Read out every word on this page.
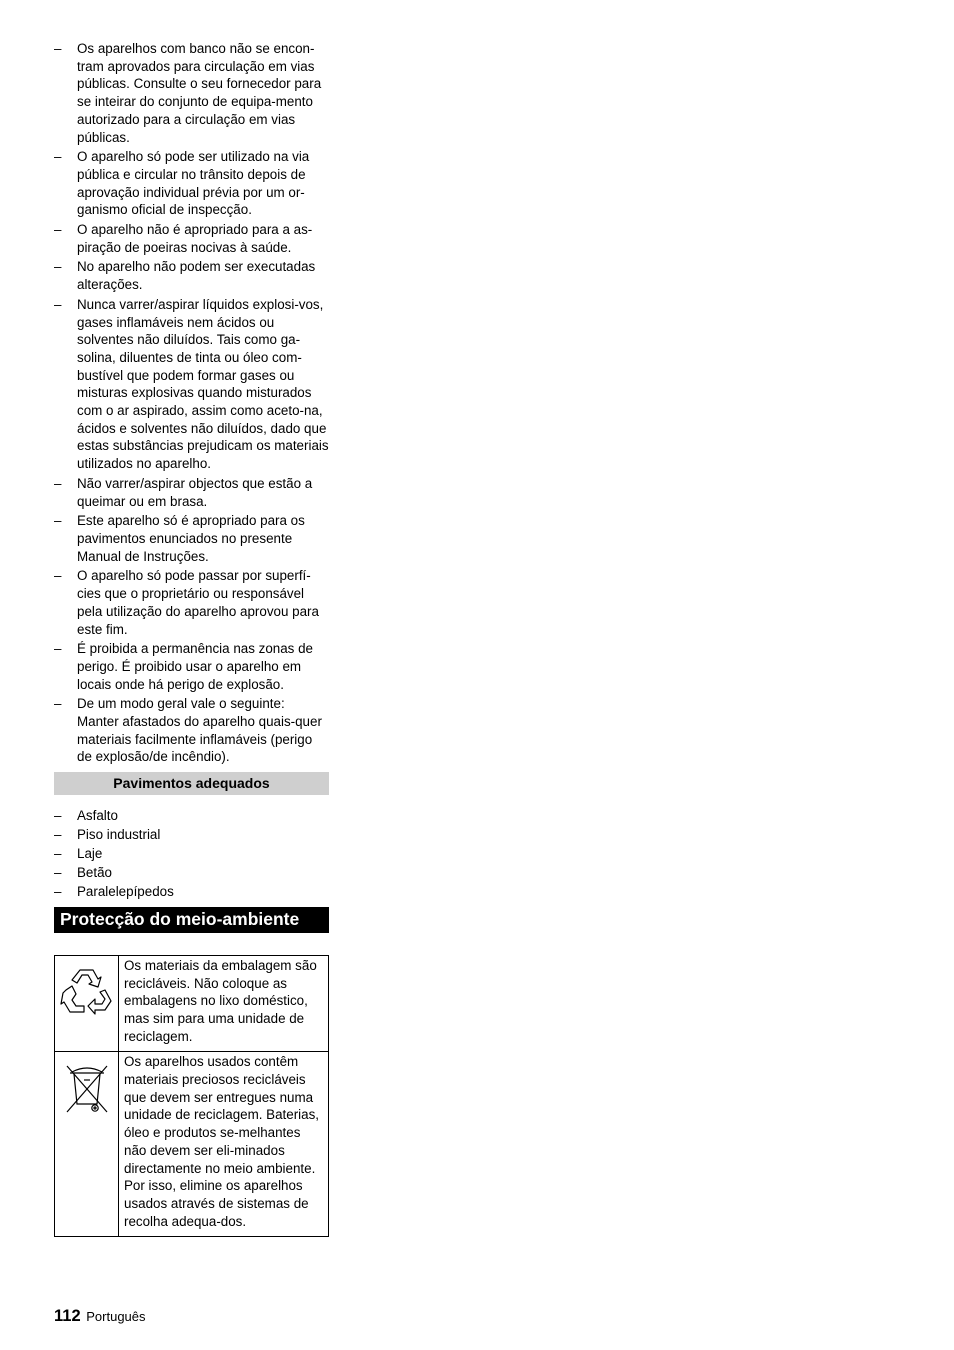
–	Os aparelhos com banco não se encon-tram aprovados para circulação em vias públicas. Consulte o seu fornecedor para se inteirar do conjunto de equipa-mento autorizado para a circulação em vias públicas.
–	O aparelho só pode ser utilizado na via pública e circular no trânsito depois de aprovação individual prévia por um or-ganismo oficial de inspecção.
–	O aparelho não é apropriado para a as-piração de poeiras nocivas à saúde.
–	No aparelho não podem ser executadas alterações.
–	Nunca varrer/aspirar líquidos explosi-vos, gases inflamáveis nem ácidos ou solventes não diluídos. Tais como ga-solina, diluentes de tinta ou óleo com-bustível que podem formar gases ou misturas explosivas quando misturados com o ar aspirado, assim como aceto-na, ácidos e solventes não diluídos, dado que estas substâncias prejudicam os materiais utilizados no aparelho.
–	Não varrer/aspirar objectos que estão a queimar ou em brasa.
–	Este aparelho só é apropriado para os pavimentos enunciados no presente Manual de Instruções.
–	O aparelho só pode passar por superfí-cies que o proprietário ou responsável pela utilização do aparelho aprovou para este fim.
–	É proibida a permanência nas zonas de perigo. É proibido usar o aparelho em locais onde há perigo de explosão.
–	De um modo geral vale o seguinte: Manter afastados do aparelho quais-quer materiais facilmente inflamáveis (perigo de explosão/de incêndio).
Pavimentos adequados
–	Asfalto
–	Piso industrial
–	Laje
–	Betão
–	Paralelepípedos
Protecção do meio-ambiente
	Os materiais da embalagem são recicláveis. Não coloque as embalagens no lixo doméstico, mas sim para uma unidade de reciclagem.

	Os aparelhos usados contêm materiais preciosos recicláveis que devem ser entregues numa unidade de reciclagem. Baterias, óleo e produtos se-melhantes não devem ser eli-minados directamente no meio ambiente. Por isso, elimine os aparelhos usados através de sistemas de recolha adequa-dos.
112 Português
